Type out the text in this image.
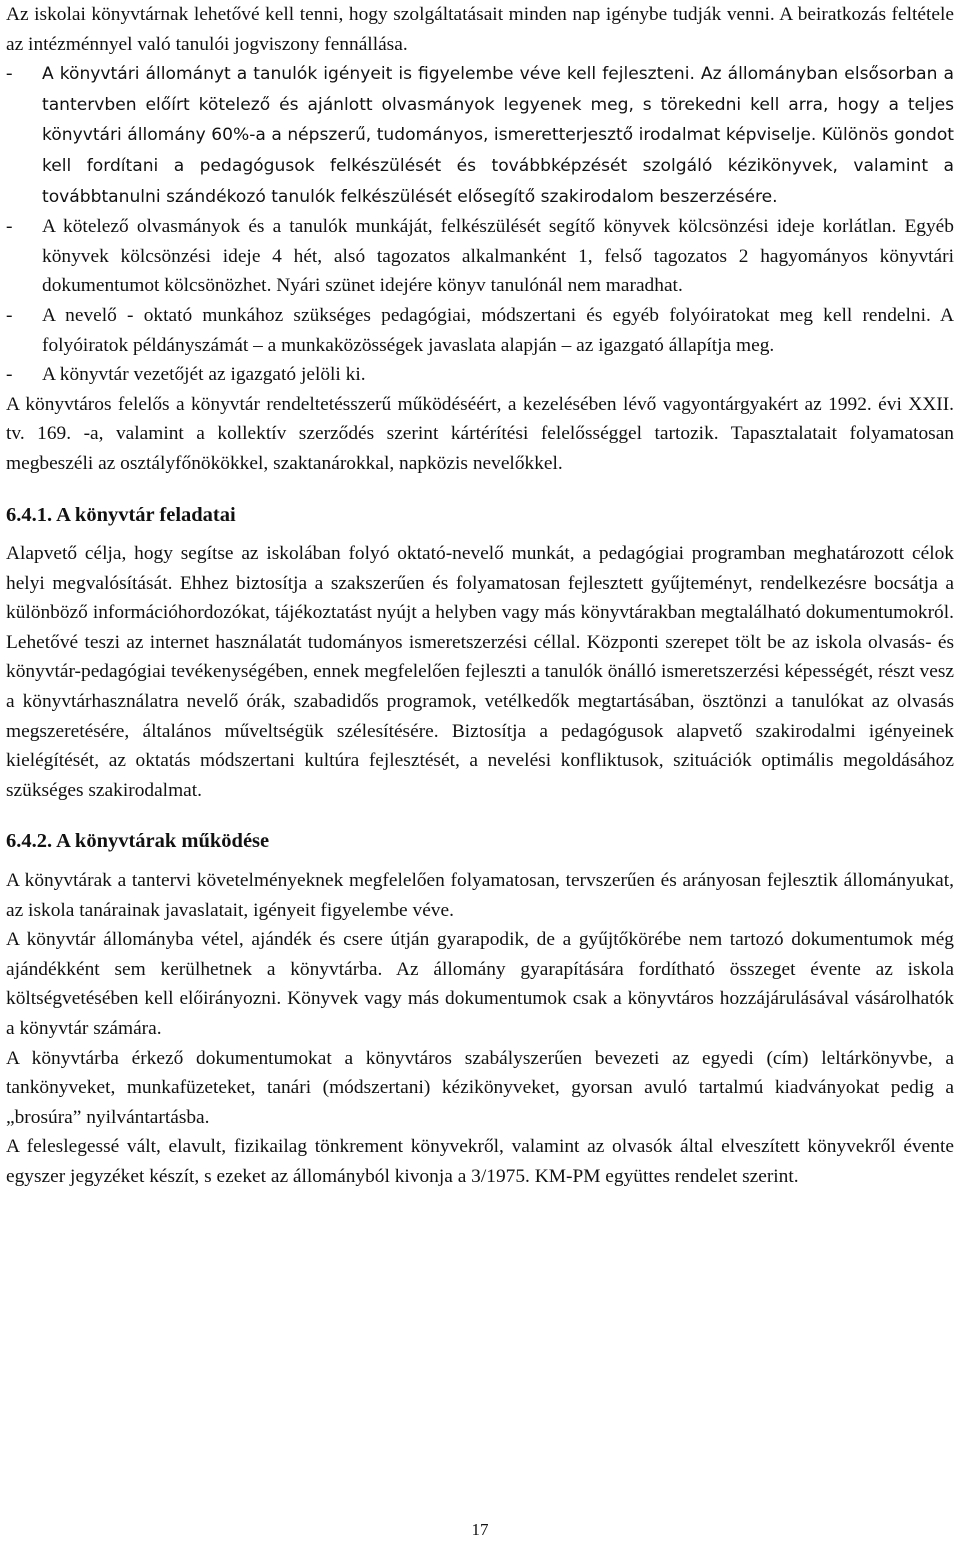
Az iskolai könyvtárnak lehetővé kell tenni, hogy szolgáltatásait minden nap igénybe tudják venni. A beiratkozás feltétele az intézménnyel való tanulói jogviszony fennállása.

-	A könyvtári állományt a tanulók igényeit is figyelembe véve kell fejleszteni. Az állományban elsősorban a tantervben előírt kötelező és ajánlott olvasmányok legyenek meg, s törekedni kell arra, hogy a teljes könyvtári állomány 60%-a a népszerű, tudományos, ismeretterjesztő irodalmat képviselje. Különös gondot kell fordítani a pedagógusok felkészülését és továbbképzését szolgáló kézikönyvek, valamint a továbbtanulni szándékozó tanulók felkészülését elősegítő szakirodalom beszerzésére.
-	A kötelező olvasmányok és a tanulók munkáját, felkészülését segítő könyvek kölcsönzési ideje korlátlan. Egyéb könyvek kölcsönzési ideje 4 hét, alsó tagozatos alkalmanként 1, felső tagozatos 2 hagyományos könyvtári dokumentumot kölcsönözhet. Nyári szünet idejére könyv tanulónál nem maradhat.
-	A nevelő - oktató munkához szükséges pedagógiai, módszertani és egyéb folyóiratokat meg kell rendelni. A folyóiratok példányszámát – a munkaközösségek javaslata alapján – az igazgató állapítja meg.
-	A könyvtár vezetőjét az igazgató jelöli ki.

A könyvtáros felelős a könyvtár rendeltetésszerű működéséért, a kezelésében lévő vagyontárgyakért az 1992. évi XXII. tv. 169. -a, valamint a kollektív szerződés szerint kártérítési felelősséggel tartozik. Tapasztalatait folyamatosan megbeszéli az osztályfőnökökkel, szaktanárokkal, napközis nevelőkkel.

6.4.1. A könyvtár feladatai

Alapvető célja, hogy segítse az iskolában folyó oktató-nevelő munkát, a pedagógiai programban meghatározott célok helyi megvalósítását. Ehhez biztosítja a szakszerűen és folyamatosan fejlesztett gyűjteményt, rendelkezésre bocsátja a különböző információhordozókat, tájékoztatást nyújt a helyben vagy más könyvtárakban megtalálható dokumentumokról. Lehetővé teszi az internet használatát tudományos ismeretszerzési céllal. Központi szerepet tölt be az iskola olvasás- és könyvtár-pedagógiai tevékenységében, ennek megfelelően fejleszti a tanulók önálló ismeretszerzési képességét, részt vesz a könyvtárhasználatra nevelő órák, szabadidős programok, vetélkedők megtartásában, ösztönzi a tanulókat az olvasás megszeretésére, általános műveltségük szélesítésére. Biztosítja a pedagógusok alapvető szakirodalmi igényeinek kielégítését, az oktatás módszertani kultúra fejlesztését, a nevelési konfliktusok, szituációk optimális megoldásához szükséges szakirodalmat.

6.4.2. A könyvtárak működése

A könyvtárak a tantervi követelményeknek megfelelően folyamatosan, tervszerűen és arányosan fejlesztik állományukat, az iskola tanárainak javaslatait, igényeit figyelembe véve.

A könyvtár állományba vétel, ajándék és csere útján gyarapodik, de a gyűjtőkörébe nem tartozó dokumentumok még ajándékként sem kerülhetnek a könyvtárba. Az állomány gyarapítására fordítható összeget évente az iskola költségvetésében kell előirányozni. Könyvek vagy más dokumentumok csak a könyvtáros hozzájárulásával vásárolhatók a könyvtár számára.

A könyvtárba érkező dokumentumokat a könyvtáros szabályszerűen bevezeti az egyedi (cím) leltárkönyvbe, a tankönyveket, munkafüzeteket, tanári (módszertani) kézikönyveket, gyorsan avuló tartalmú kiadványokat pedig a „brosúra” nyilvántartásba.

A feleslegessé vált, elavult, fizikailag tönkrement könyvekről, valamint az olvasók által elveszített könyvekről évente egyszer jegyzéket készít, s ezeket az állományból kivonja a 3/1975. KM-PM együttes rendelet szerint.

17
